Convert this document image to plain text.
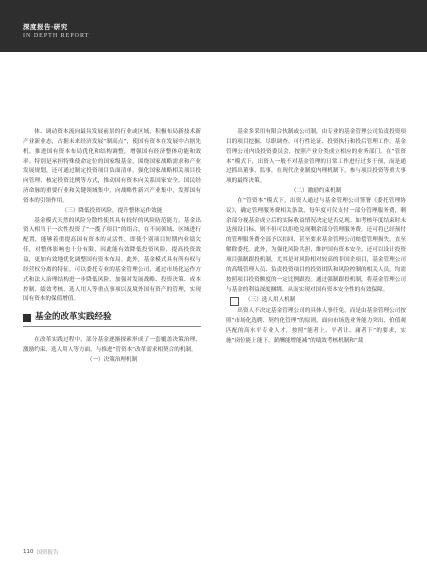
深度报告·研究
IN DEPTH REPORT

体、调动资本流向最具发展前景的行业或区域，积极布局新技术新产业新业态，占据未来经济发展“制高点”，使国有资本在发展中占据先机。推进国有资本布局优化和结构调整，增强国有经济整体功能和效率。特别是承担特殊使命定位的国家级基金，围绕国家战略需求和产业发展规划，还可通过制定投资项目负面清单，强化国家战略相关项目投向管理、核定投资比例等方式，推动国有资本向关系国家安全、国民经济命脉的重要行业和关键领域集中，向战略性新兴产业集中，发挥国有资本的引领作用。

（三）降低投资风险，提升整体运作效能

基金模式天然的风险分散性使其具有较好的风险防范能力。基金出资人相当于一次性投资了“一揽子项目”的组合，在不同领域、区域进行配置，能够着重提高国有资本的灵活性，即使个别项目短期内业绩欠佳，对整体影响也十分有限，因此能有效降低投资风险，提高投资效益，更加有效地优化调整国有资本布局。此外，基金模式具有所有权与经营权分离的特征，可以委托专业的基金管理公司，通过市场化运作方式和法人治理结构进一步降低风险，加强对发展战略、投资决策、成本控制、绩效考核、选人用人等重点事项以及境外国有资产的管理，实现国有资本的保值增值。

基金的改革实践经验

在改革实践过程中，部分基金逐渐探索形成了一套覆盖决策治理、激励约束、选人用人等方面，与推进“管资本”改革需求相契合的机制。

（一）决策治理机制

基金多采用有限合伙制或公司制，由专业的基金管理公司负责投资项目的项目挖掘、尽职调查、可行性论证、投资执行和投后管理工作。基金管理公司内设投资委员会，按照产业分类成立相应的业务部门。在“管资本”模式下，出资人一般不对基金管理的日常工作进行过多干预，而是通过抓出董事、监事，在现代企业制度内理机制下，参与项目投资等重大事项的最终决策。

（二）激励约束机制

在“管资本”模式下，出资人通过与基金管理公司签署《委托管理协议》，确定管理服务费相关条款，每年度可仅支付一部分管理服务费，剩余部分视基金成立后的实际收益情况决定是否兑现。如考核年度结束时未达预设目标，则不但可以拒绝兑现剩余部分管理服务费，还可将已经预付的管理服务费全部予以扣回，甚至要求基金管理公司赔偿管理损失，直至解除委托。此外，为强化风险共担，维护国有资本安全，还可以设计投资项目强制跟投机制，尤其是对风险相对较高的非国企项目，基金管理公司的高级管理人员、负责投资项目的投资团队和风险控制的相关人员，均需按照项目投资额度的一定比例跟投。通过强制跟投机制，将基金管理公司与基金的利益深度捆绑，从而实现对国有资本安全性的有效保障。

（三）选人用人机制

出资人不决定基金管理公司的具体人事任免，而是由基金管理公司按照“市场化选聘、契约化管理”的原则，面向市场选业务能力突出、价值观匹配的高水平专业人才，按照“能者上、平者让、庸者下”的要求，实施“岗位能上能下，薪酬能增能减”的绩效考核机制和“裁

110 国资报告
